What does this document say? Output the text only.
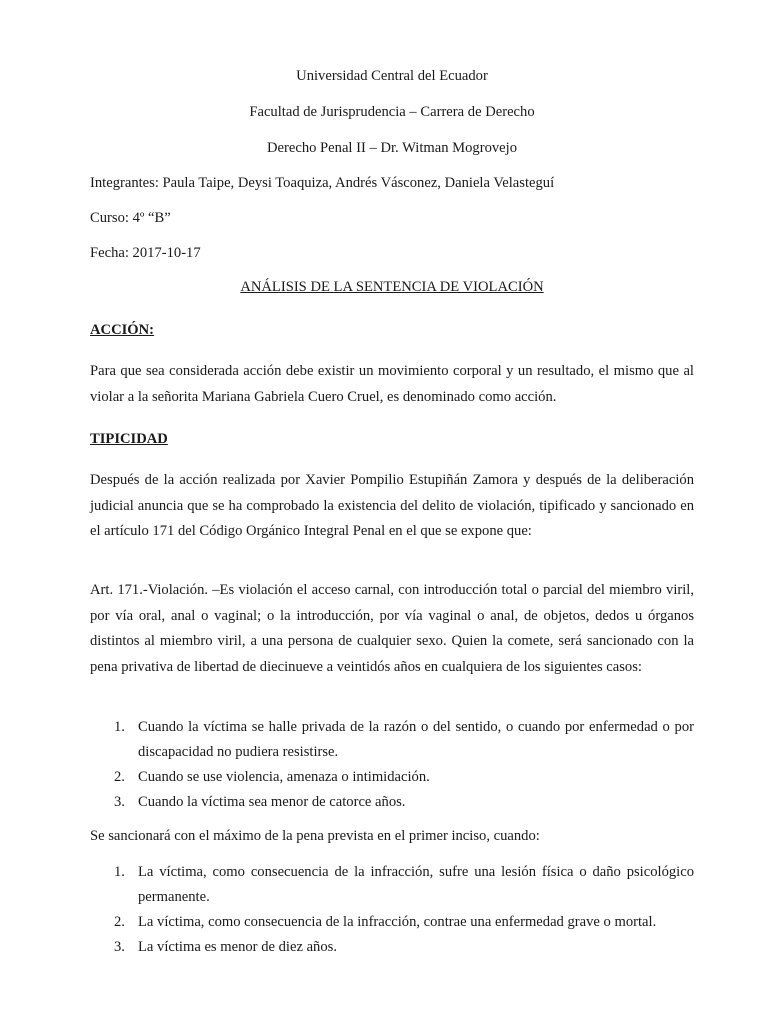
Universidad Central del Ecuador
Facultad de Jurisprudencia – Carrera de Derecho
Derecho Penal II – Dr. Witman Mogrovejo
Integrantes: Paula Taipe, Deysi Toaquiza, Andrés Vásconez, Daniela Velasteguí
Curso: 4º “B”
Fecha: 2017-10-17
ANÁLISIS DE LA SENTENCIA DE VIOLACIÓN
ACCIÓN:
Para que sea considerada acción debe existir un movimiento corporal y un resultado, el mismo que al violar a la señorita Mariana Gabriela Cuero Cruel, es denominado como acción.
TIPICIDAD
Después de la acción realizada por Xavier Pompilio Estupiñán Zamora y después de la deliberación judicial anuncia que se ha comprobado la existencia del delito de violación, tipificado y sancionado en el artículo 171 del Código Orgánico Integral Penal en el que se expone que:
Art. 171.-Violación. –Es violación el acceso carnal, con introducción total o parcial del miembro viril, por vía oral, anal o vaginal; o la introducción, por vía vaginal o anal, de objetos, dedos u órganos distintos al miembro viril, a una persona de cualquier sexo. Quien la comete, será sancionado con la pena privativa de libertad de diecinueve a veintidós años en cualquiera de los siguientes casos:
1. Cuando la víctima se halle privada de la razón o del sentido, o cuando por enfermedad o por discapacidad no pudiera resistirse.
2. Cuando se use violencia, amenaza o intimidación.
3. Cuando la víctima sea menor de catorce años.
Se sancionará con el máximo de la pena prevista en el primer inciso, cuando:
1. La víctima, como consecuencia de la infracción, sufre una lesión física o daño psicológico permanente.
2. La víctima, como consecuencia de la infracción, contrae una enfermedad grave o mortal.
3. La víctima es menor de diez años.
